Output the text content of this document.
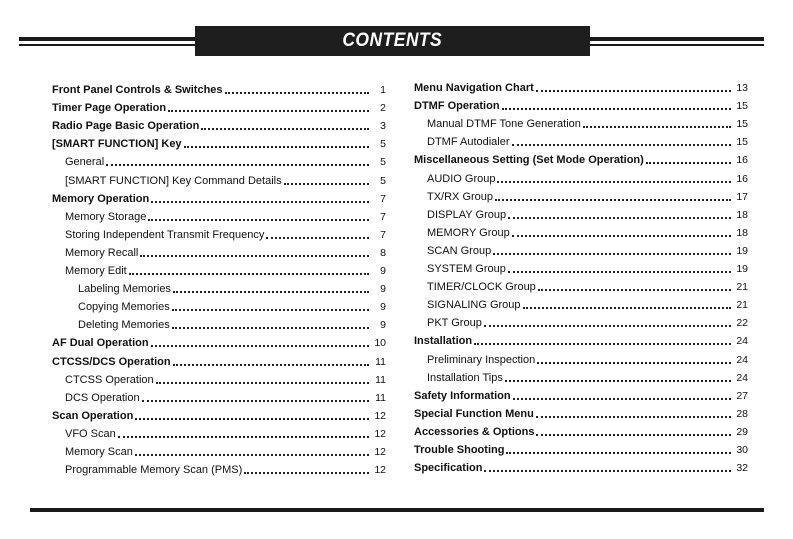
CONTENTS
Front Panel Controls & Switches	1
Timer Page Operation	2
Radio Page Basic Operation	3
[SMART FUNCTION] Key	5
General	5
[SMART FUNCTION] Key Command Details	5
Memory Operation	7
Memory Storage	7
Storing Independent Transmit Frequency	7
Memory Recall	8
Memory Edit	9
Labeling Memories	9
Copying Memories	9
Deleting Memories	9
AF Dual Operation	10
CTCSS/DCS Operation	11
CTCSS Operation	11
DCS Operation	11
Scan Operation	12
VFO Scan	12
Memory Scan	12
Programmable Memory Scan (PMS)	12
Menu Navigation Chart	13
DTMF Operation	15
Manual DTMF Tone Generation	15
DTMF Autodialer	15
Miscellaneous Setting (Set Mode Operation)	16
AUDIO Group	16
TX/RX Group	17
DISPLAY Group	18
MEMORY Group	18
SCAN Group	19
SYSTEM Group	19
TIMER/CLOCK Group	21
SIGNALING Group	21
PKT Group	22
Installation	24
Preliminary Inspection	24
Installation Tips	24
Safety Information	27
Special Function Menu	28
Accessories & Options	29
Trouble Shooting	30
Specification	32
